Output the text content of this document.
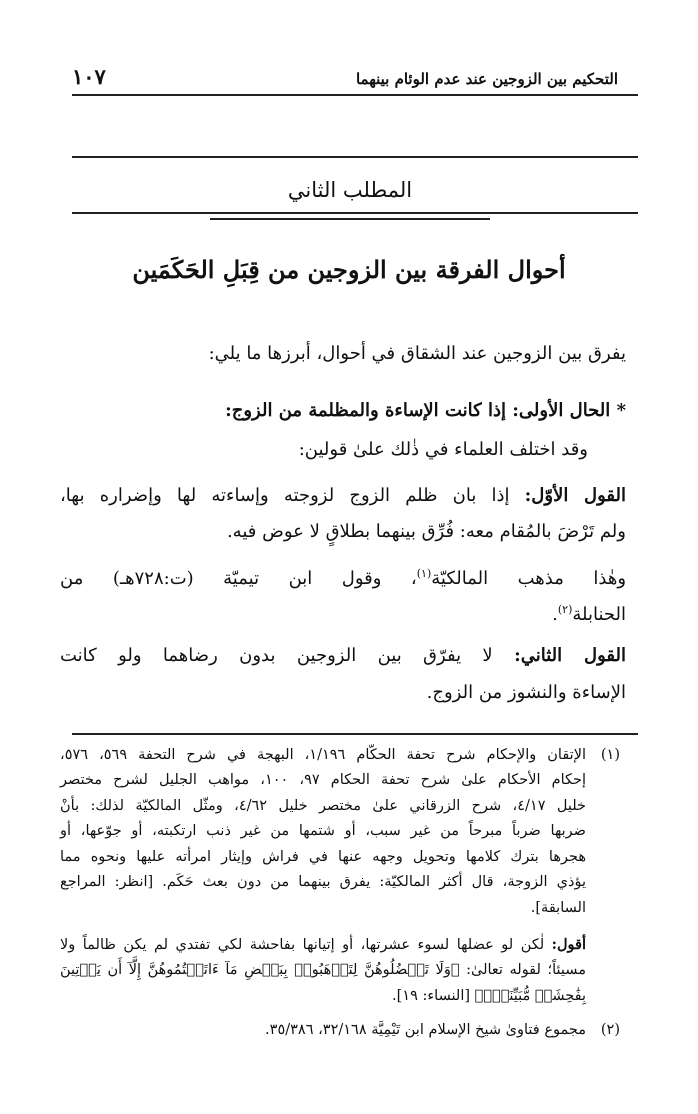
التحكيم بين الزوجين عند عدم الوئام بينهما
١٠٧
المطلب الثاني
أحوال الفرقة بين الزوجين من قِبَلِ الحَكَمَين
يفرق بين الزوجين عند الشقاق في أحوال، أبرزها ما يلي:
* الحال الأولى: إذا كانت الإساءة والمظلمة من الزوج:
وقد اختلف العلماء في ذٰلك علىٰ قولين:
القول الأوّل: إذا بان ظلم الزوج لزوجته وإساءته لها وإضراره بها،
ولم تَرْضَ بالمُقام معه: فُرِّق بينهما بطلاقٍ لا عوض فيه.
وهٰذا مذهب المالكيّة$^{(١)}$، وقول ابن تيميّة (ت:٧٢٨هـ) من
الحنابلة$^{(٢)}$.
القول الثاني: لا يفرّق بين الزوجين بدون رضاهما ولو كانت
الإساءة والنشوز من الزوج.
(١)
الإتقان والإحكام شرح تحفة الحكّام ١/١٩٦، البهجة في شرح التحفة ٥٦٩، ٥٧٦،
إحكام الأحكام علىٰ شرح تحفة الحكام ٩٧، ١٠٠، مواهب الجليل لشرح مختصر
خليل ٤/١٧، شرح الزرقاني علىٰ مختصر خليل ٤/٦٢، ومثّل المالكيّة لذلك: بأنْ
ضربها ضرباً مبرحاً من غير سبب، أو شتمها من غير ذنب ارتكبته، أو جوّعها، أو
هجرها بترك كلامها وتحويل وجهه عنها في فراش وإيثار امرأته عليها ونحوه مما
يؤذي الزوجة، قال أكثر المالكيّة: يفرق بينهما من دون بعث حَكَم. [انظر: المراجع
السابقة].
أقول: لٰكن لو عضلها لسوء عشرتها، أو إتيانها بفاحشة لكي تفتدي لم يكن ظالماً ولا
مسيئاً؛ لقوله تعالىٰ: ﴿وَلَا تَعۡضُلُوهُنَّ لِتَذۡهَبُوا۟ بِبَعۡضِ مَآ ءَاتَيۡتُمُوهُنَّ إِلَّآ أَن يَأۡتِينَ
بِفَٰحِشَةٖ مُّبَيِّنَةٖۚ﴾ [النساء: ١٩].
(٢)
مجموع فتاوىٰ شيخ الإسلام ابن تَيْمِيَّة ٣٢/١٦٨، ٣٥/٣٨٦.
